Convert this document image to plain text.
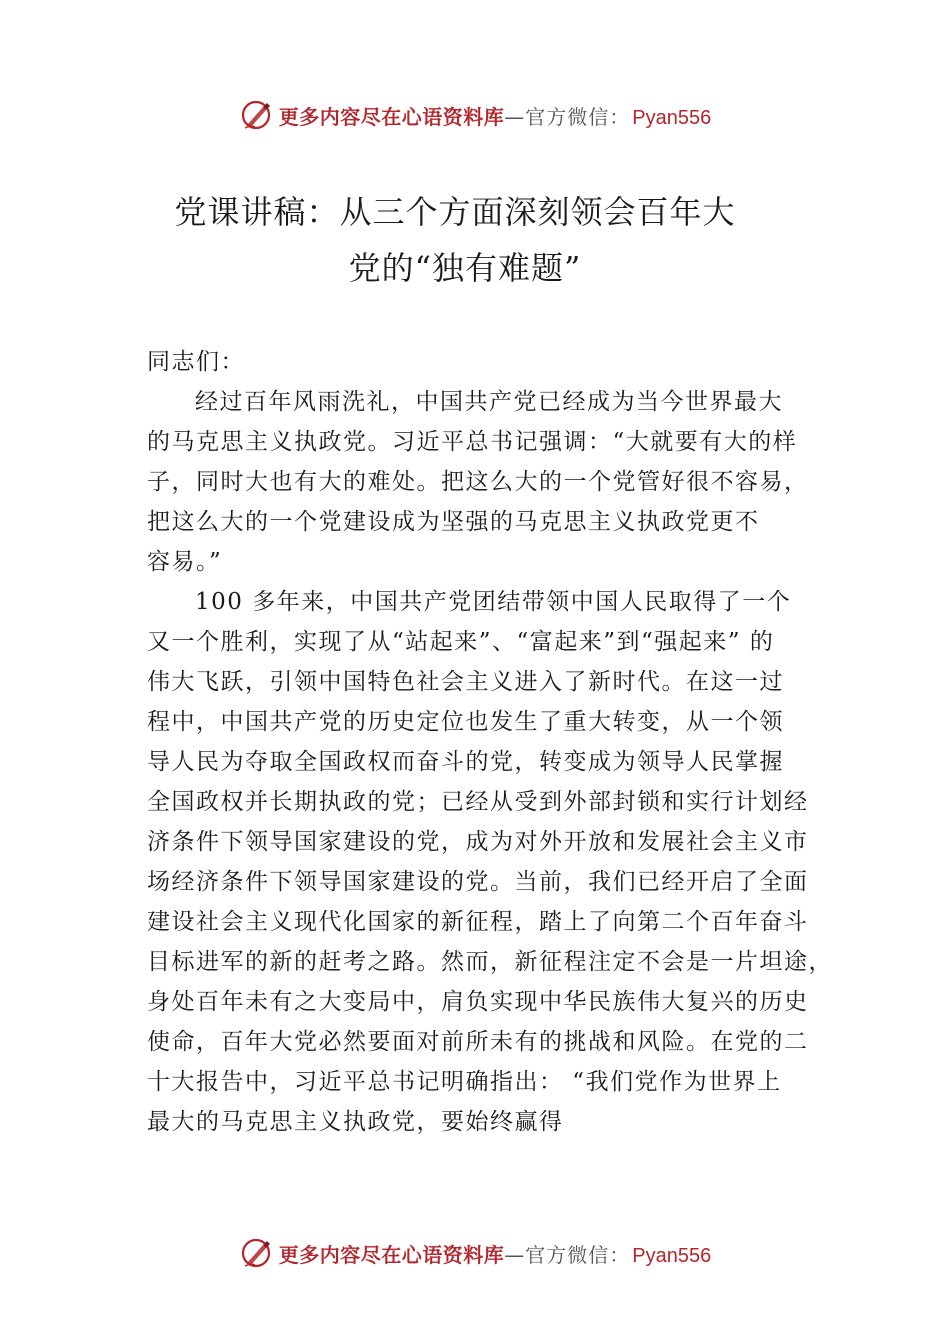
更多内容尽在心语资料库 — 官方微信： Pyan556
党课讲稿：从三个方面深刻领会百年大
党的“独有难题”
同志们：
经过百年风雨洗礼，中国共产党已经成为当今世界最大
的马克思主义执政党。习近平总书记强调：“大就要有大的样
子，同时大也有大的难处。把这么大的一个党管好很不容易，
把这么大的一个党建设成为坚强的马克思主义执政党更不
容易。”
100 多年来，中国共产党团结带领中国人民取得了一个
又一个胜利，实现了从“站起来”、“富起来”到“强起来” 的
伟大飞跃，引领中国特色社会主义进入了新时代。在这一过
程中，中国共产党的历史定位也发生了重大转变，从一个领
导人民为夺取全国政权而奋斗的党，转变成为领导人民掌握
全国政权并长期执政的党；已经从受到外部封锁和实行计划经
济条件下领导国家建设的党，成为对外开放和发展社会主义市
场经济条件下领导国家建设的党。当前，我们已经开启了全面
建设社会主义现代化国家的新征程，踏上了向第二个百年奋斗
目标进军的新的赶考之路。然而，新征程注定不会是一片坦途，
身处百年未有之大变局中，肩负实现中华民族伟大复兴的历史
使命，百年大党必然要面对前所未有的挑战和风险。在党的二
十大报告中，习近平总书记明确指出： “我们党作为世界上
最大的马克思主义执政党，要始终赢得
更多内容尽在心语资料库 — 官方微信： Pyan556
